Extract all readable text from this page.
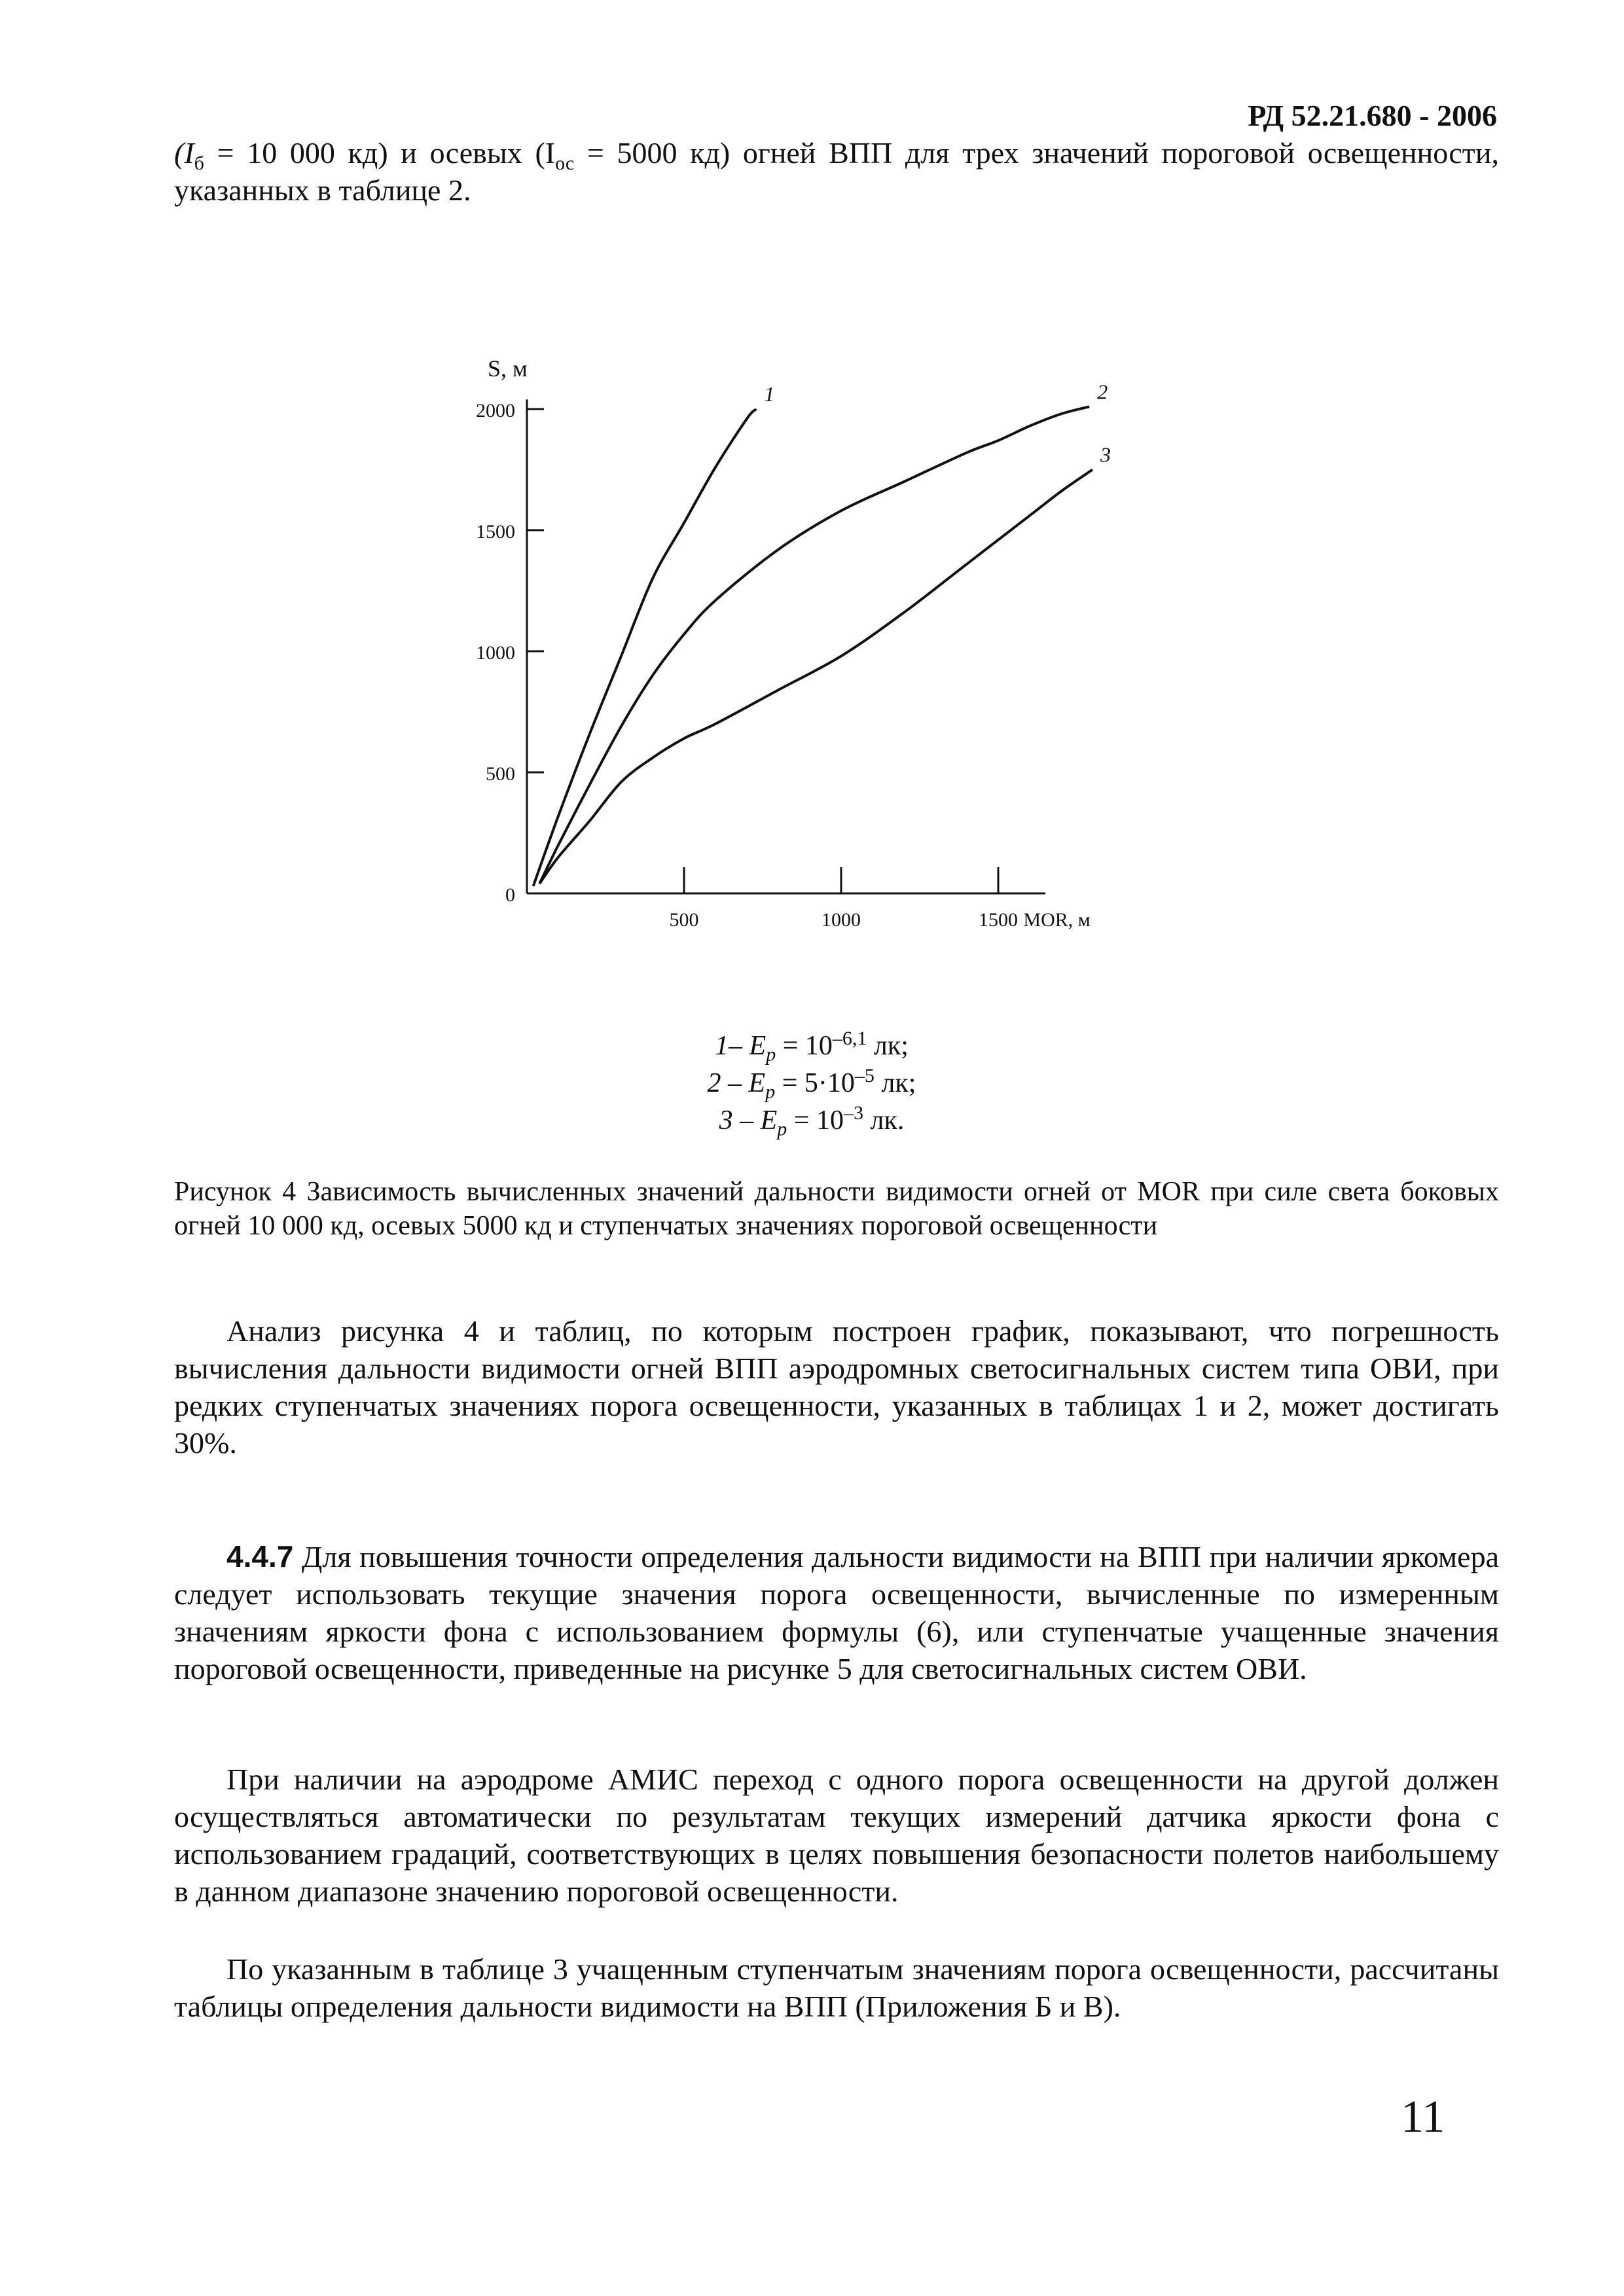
РД 52.21.680 - 2006
($I_б = 10$ 000 кд) и осевых ($I_{ос} = 5000$ кд) огней ВПП для трех значений пороговой освещенности, указанных в таблице 2.
0
500
1000
1500
2000
500	1000	1500
S, м
MOR, м
1	2
3
1– $E_p = 10^{-6,1}$ лк;
$2 - E_p = 5\cdot 10^{-5}$ лк;
$3 - E_p = 10^{-3}$ лк.
Рисунок 4 Зависимость вычисленных значений дальности видимости огней от MOR при силе света боковых огней 10 000 кд, осевых 5000 кд и ступенчатых значениях пороговой освещенности
Анализ рисунка 4 и таблиц, по которым построен график, показывают, что погрешность вычисления дальности видимости огней ВПП аэродромных светосигнальных систем типа ОВИ, при редких ступенчатых значениях порога освещенности, указанных в таблицах 1 и 2, может достигать 30%.
4.4.7 Для повышения точности определения дальности видимости на ВПП при наличии яркомера следует использовать текущие значения порога освещенности, вычисленные по измеренным значениям яркости фона с использованием формулы (6), или ступенчатые учащенные значения пороговой освещенности, приведенные на рисунке 5 для светосигнальных систем ОВИ.
При наличии на аэродроме АМИС переход с одного порога освещенности на другой должен осуществляться автоматически по результатам текущих измерений датчика яркости фона с использованием градаций, соответствующих в целях повышения безопасности полетов наибольшему в данном диапазоне значению пороговой освещенности.
По указанным в таблице 3 учащенным ступенчатым значениям порога освещенности, рассчитаны таблицы определения дальности видимости на ВПП (Приложения Б и В).
11
